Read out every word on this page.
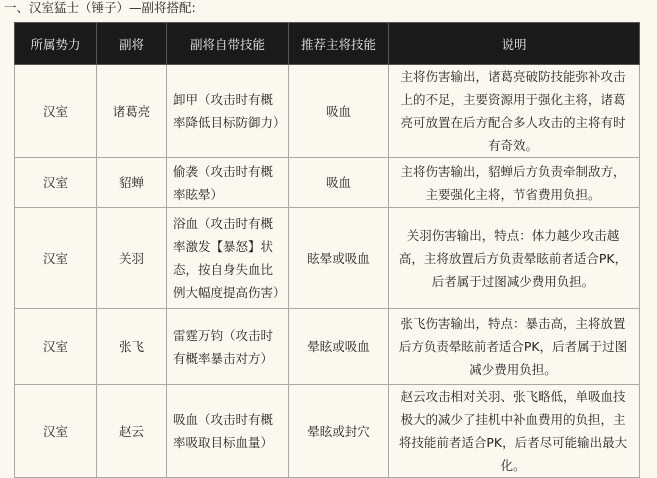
一、汉室猛士（锤子）—副将搭配:
所属势力	副将	副将自带技能	推荐主将技能	说明
汉室	诸葛亮	卸甲（攻击时有概率降低目标防御力）	吸血	主将伤害输出，诸葛亮破防技能弥补攻击上的不足，主要资源用于强化主将，诸葛亮可放置在后方配合多人攻击的主将有时有奇效。
汉室	貂蝉	偷袭（攻击时有概率眩晕）	吸血	主将伤害输出，貂蝉后方负责牵制敌方，主要强化主将，节省费用负担。
汉室	关羽	浴血（攻击时有概率激发【暴怒】状态，按自身失血比例大幅度提高伤害）	眩晕或吸血	关羽伤害输出，特点：体力越少攻击越高，主将放置后方负责晕眩前者适合PK，后者属于过图减少费用负担。
汉室	张飞	雷霆万钧（攻击时有概率暴击对方）	晕眩或吸血	张飞伤害输出，特点：暴击高，主将放置后方负责晕眩前者适合PK，后者属于过图减少费用负担。
汉室	赵云	吸血（攻击时有概率吸取目标血量）	晕眩或封穴	赵云攻击相对关羽、张飞略低，单吸血技极大的减少了挂机中补血费用的负担，主将技能前者适合PK，后者尽可能输出最大化。
